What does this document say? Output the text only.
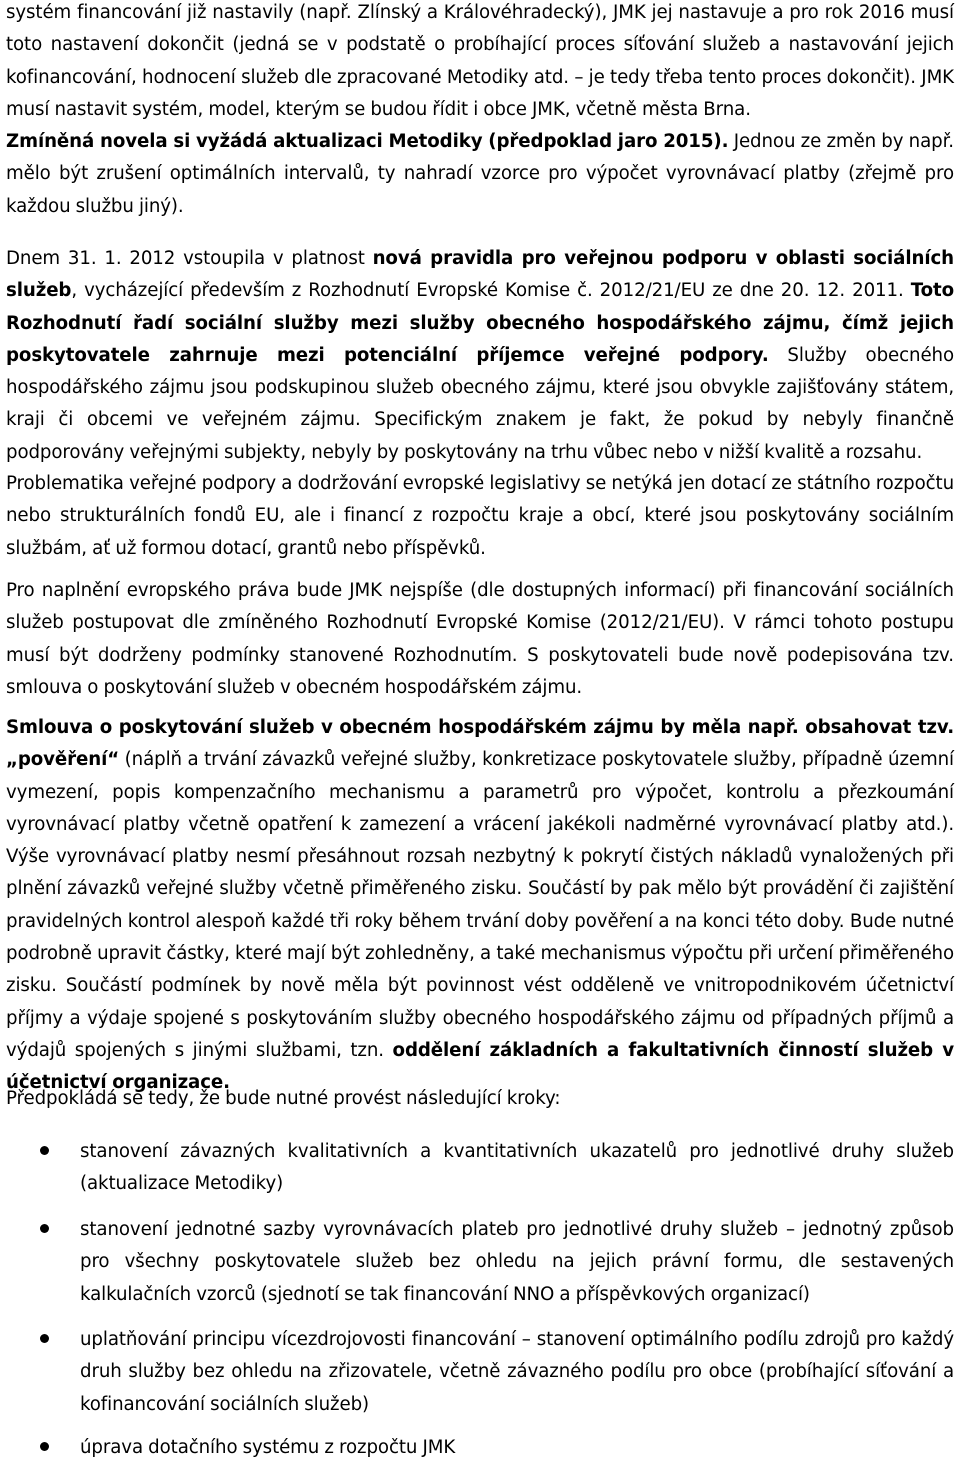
systém financování již nastavily (např. Zlínský a Královéhradecký), JMK jej nastavuje a pro rok 2016 musí toto nastavení dokončit (jedná se v podstatě o probíhající proces síťování služeb a nastavování jejich kofinancování, hodnocení služeb dle zpracované Metodiky atd. – je tedy třeba tento proces dokončit). JMK musí nastavit systém, model, kterým se budou řídit i obce JMK, včetně města Brna.

Zmíněná novela si vyžádá aktualizaci Metodiky (předpoklad jaro 2015). Jednou ze změn by např. mělo být zrušení optimálních intervalů, ty nahradí vzorce pro výpočet vyrovnávací platby (zřejmě pro každou službu jiný).

Dnem 31. 1. 2012 vstoupila v platnost nová pravidla pro veřejnou podporu v oblasti sociálních služeb, vycházející především z Rozhodnutí Evropské Komise č. 2012/21/EU ze dne 20. 12. 2011. Toto Rozhodnutí řadí sociální služby mezi služby obecného hospodářského zájmu, čímž jejich poskytovatele zahrnuje mezi potenciální příjemce veřejné podpory. Služby obecného hospodářského zájmu jsou podskupinou služeb obecného zájmu, které jsou obvykle zajišťovány státem, kraji či obcemi ve veřejném zájmu. Specifickým znakem je fakt, že pokud by nebyly finančně podporovány veřejnými subjekty, nebyly by poskytovány na trhu vůbec nebo v nižší kvalitě a rozsahu.

Problematika veřejné podpory a dodržování evropské legislativy se netýká jen dotací ze státního rozpočtu nebo strukturálních fondů EU, ale i financí z rozpočtu kraje a obcí, které jsou poskytovány sociálním službám, ať už formou dotací, grantů nebo příspěvků.

Pro naplnění evropského práva bude JMK nejspíše (dle dostupných informací) při financování sociálních služeb postupovat dle zmíněného Rozhodnutí Evropské Komise (2012/21/EU). V rámci tohoto postupu musí být dodrženy podmínky stanovené Rozhodnutím. S poskytovateli bude nově podepisována tzv. smlouva o poskytování služeb v obecném hospodářském zájmu.

Smlouva o poskytování služeb v obecném hospodářském zájmu by měla např. obsahovat tzv. „pověření“ (náplň a trvání závazků veřejné služby, konkretizace poskytovatele služby, případně územní vymezení, popis kompenzačního mechanismu a parametrů pro výpočet, kontrolu a přezkoumání vyrovnávací platby včetně opatření k zamezení a vrácení jakékoli nadměrné vyrovnávací platby atd.). Výše vyrovnávací platby nesmí přesáhnout rozsah nezbytný k pokrytí čistých nákladů vynaložených při plnění závazků veřejné služby včetně přiměřeného zisku. Součástí by pak mělo být provádění či zajištění pravidelných kontrol alespoň každé tři roky během trvání doby pověření a na konci této doby. Bude nutné podrobně upravit částky, které mají být zohledněny, a také mechanismus výpočtu při určení přiměřeného zisku. Součástí podmínek by nově měla být povinnost vést odděleně ve vnitropodnikovém účetnictví příjmy a výdaje spojené s poskytováním služby obecného hospodářského zájmu od případných příjmů a výdajů spojených s jinými službami, tzn. oddělení základních a fakultativních činností služeb v účetnictví organizace.

Předpokládá se tedy, že bude nutné provést následující kroky:

stanovení závazných kvalitativních a kvantitativních ukazatelů pro jednotlivé druhy služeb (aktualizace Metodiky)

stanovení jednotné sazby vyrovnávacích plateb pro jednotlivé druhy služeb – jednotný způsob pro všechny poskytovatele služeb bez ohledu na jejich právní formu, dle sestavených kalkulačních vzorců (sjednotí se tak financování NNO a příspěvkových organizací)

uplatňování principu vícezdrojovosti financování – stanovení optimálního podílu zdrojů pro každý druh služby bez ohledu na zřizovatele, včetně závazného podílu pro obce (probíhající síťování a kofinancování sociálních služeb)

úprava dotačního systému z rozpočtu JMK
